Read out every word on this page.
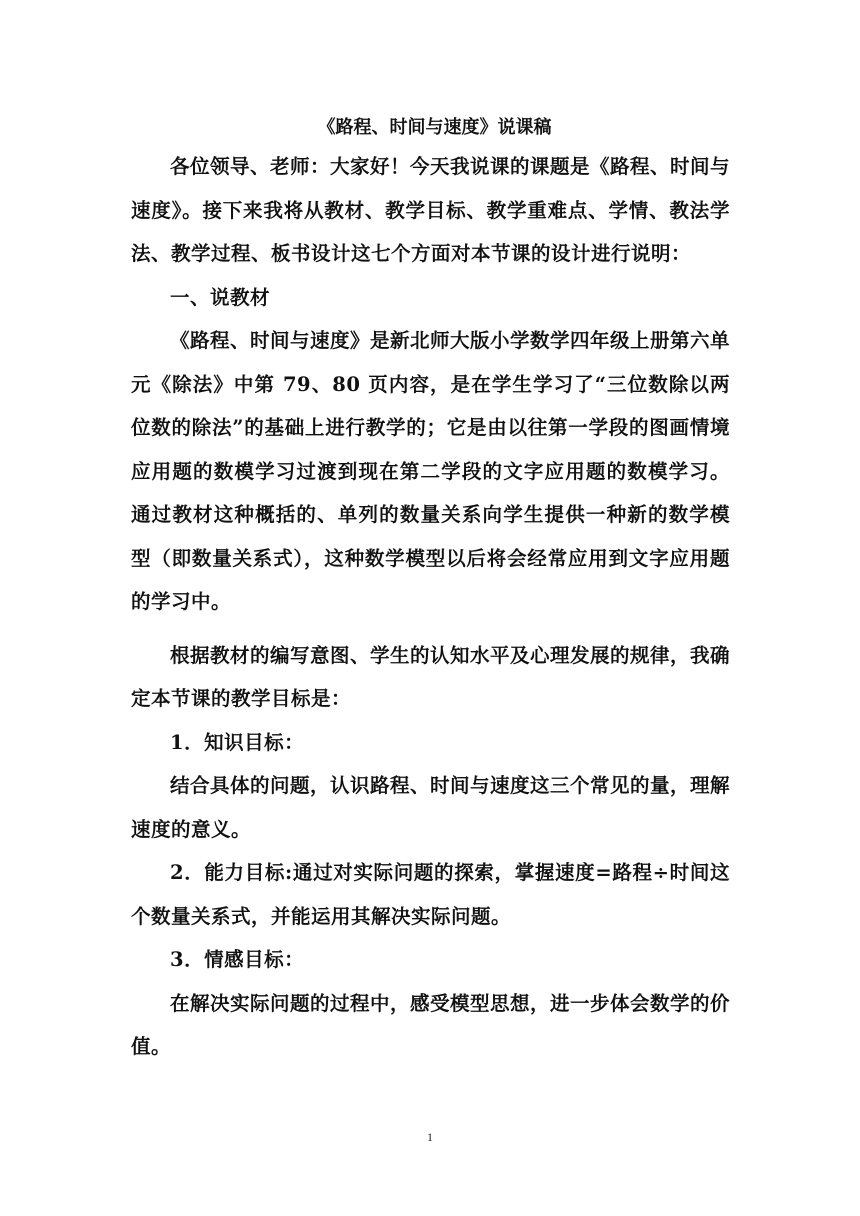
《路程、时间与速度》说课稿

各位领导、老师：大家好！今天我说课的课题是《路程、时间与速度》。接下来我将从教材、教学目标、教学重难点、学情、教法学法、教学过程、板书设计这七个方面对本节课的设计进行说明：

一、说教材

《路程、时间与速度》是新北师大版小学数学四年级上册第六单元《除法》中第 79、80 页内容，是在学生学习了“三位数除以两位数的除法”的基础上进行教学的；它是由以往第一学段的图画情境应用题的数模学习过渡到现在第二学段的文字应用题的数模学习。通过教材这种概括的、单列的数量关系向学生提供一种新的数学模型（即数量关系式），这种数学模型以后将会经常应用到文字应用题的学习中。

根据教材的编写意图、学生的认知水平及心理发展的规律，我确定本节课的教学目标是：

1．知识目标：

结合具体的问题，认识路程、时间与速度这三个常见的量，理解速度的意义。

2．能力目标:通过对实际问题的探索，掌握速度=路程÷时间这个数量关系式，并能运用其解决实际问题。

3．情感目标：

在解决实际问题的过程中，感受模型思想，进一步体会数学的价值。

1
